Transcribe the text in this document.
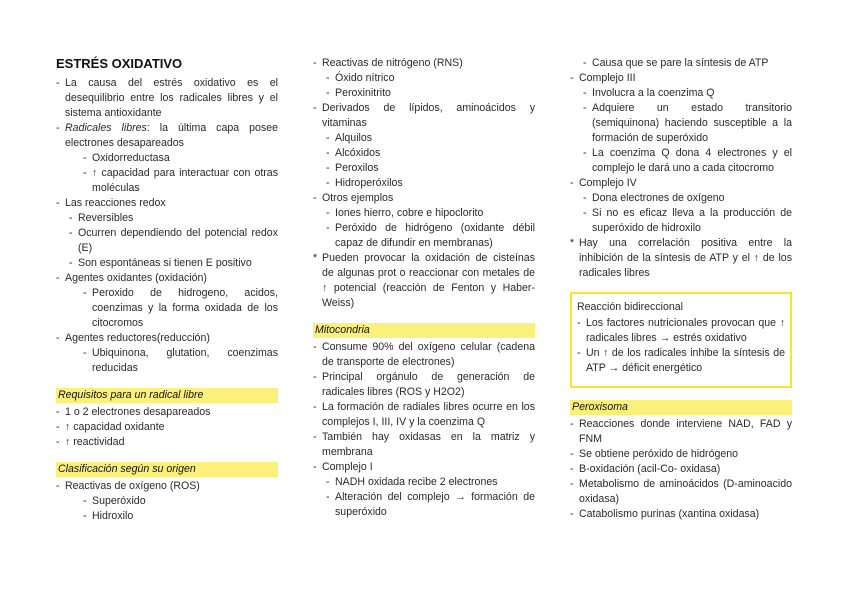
ESTRÉS OXIDATIVO
- La causa del estrés oxidativo es el desequilibrio entre los radicales libres y el sistema antioxidante
- Radicales libres: la última capa posee electrones desapareados
- Oxidorreductasa
- ↑ capacidad para interactuar con otras moléculas
- Las reacciones redox
- Reversibles
- Ocurren dependiendo del potencial redox (E)
- Son espontáneas si tienen E positivo
- Agentes oxidantes (oxidación)
- Peroxido de hidrogeno, acidos, coenzimas y la forma oxidada de los citocromos
- Agentes reductores(reducción)
- Ubiquinona, glutation, coenzimas reducidas
Requisitos para un radical libre
- 1 o 2 electrones desapareados
- ↑ capacidad oxidante
- ↑ reactividad
Clasificación según su origen
- Reactivas de oxígeno (ROS)
- Superóxido
- Hidroxilo
- Reactivas de nitrógeno (RNS)
- Óxido nítrico
- Peroxinitrito
- Derivados de lípidos, aminoácidos y vitaminas
- Alquilos
- Alcóxidos
- Peroxilos
- Hidroperóxilos
- Otros ejemplos
- Iones hierro, cobre e hipoclorito
- Peróxido de hidrógeno (oxidante débil capaz de difundir en membranas)
* Pueden provocar la oxidación de cisteínas de algunas prot o reaccionar con metales de ↑ potencial (reacción de Fenton y Haber-Weiss)
Mitocondria
- Consume 90% del oxígeno celular (cadena de transporte de electrones)
- Principal orgánulo de generación de radicales libres (ROS y H2O2)
- La formación de radiales libres ocurre en los complejos I, III, IV y la coenzima Q
- También hay oxidasas en la matriz y membrana
- Complejo I
- NADH oxidada recibe 2 electrones
- Alteración del complejo → formación de superóxido
- Causa que se pare la síntesis de ATP
- Complejo III
- Involucra a la coenzima Q
- Adquiere un estado transitorio (semiquinona) haciendo susceptible a la formación de superóxido
- La coenzima Q dona 4 electrones y el complejo le dará uno a cada citocromo
- Complejo IV
- Dona electrones de oxígeno
- Si no es eficaz lleva a la producción de superóxido de hidroxilo
* Hay una correlación positiva entre la inhibición de la síntesis de ATP y el ↑ de los radicales libres
Reacción bidireccional
- Los factores nutricionales provocan que ↑ radicales libres → estrés oxidativo
- Un ↑ de los radicales inhibe la síntesis de ATP → déficit energético
Peroxisoma
- Reacciones donde interviene NAD, FAD y FNM
- Se obtiene peróxido de hidrógeno
- B-oxidación (acil-Co- oxidasa)
- Metabolismo de aminoácidos (D-aminoacido oxidasa)
- Catabolismo purinas (xantina oxidasa)
